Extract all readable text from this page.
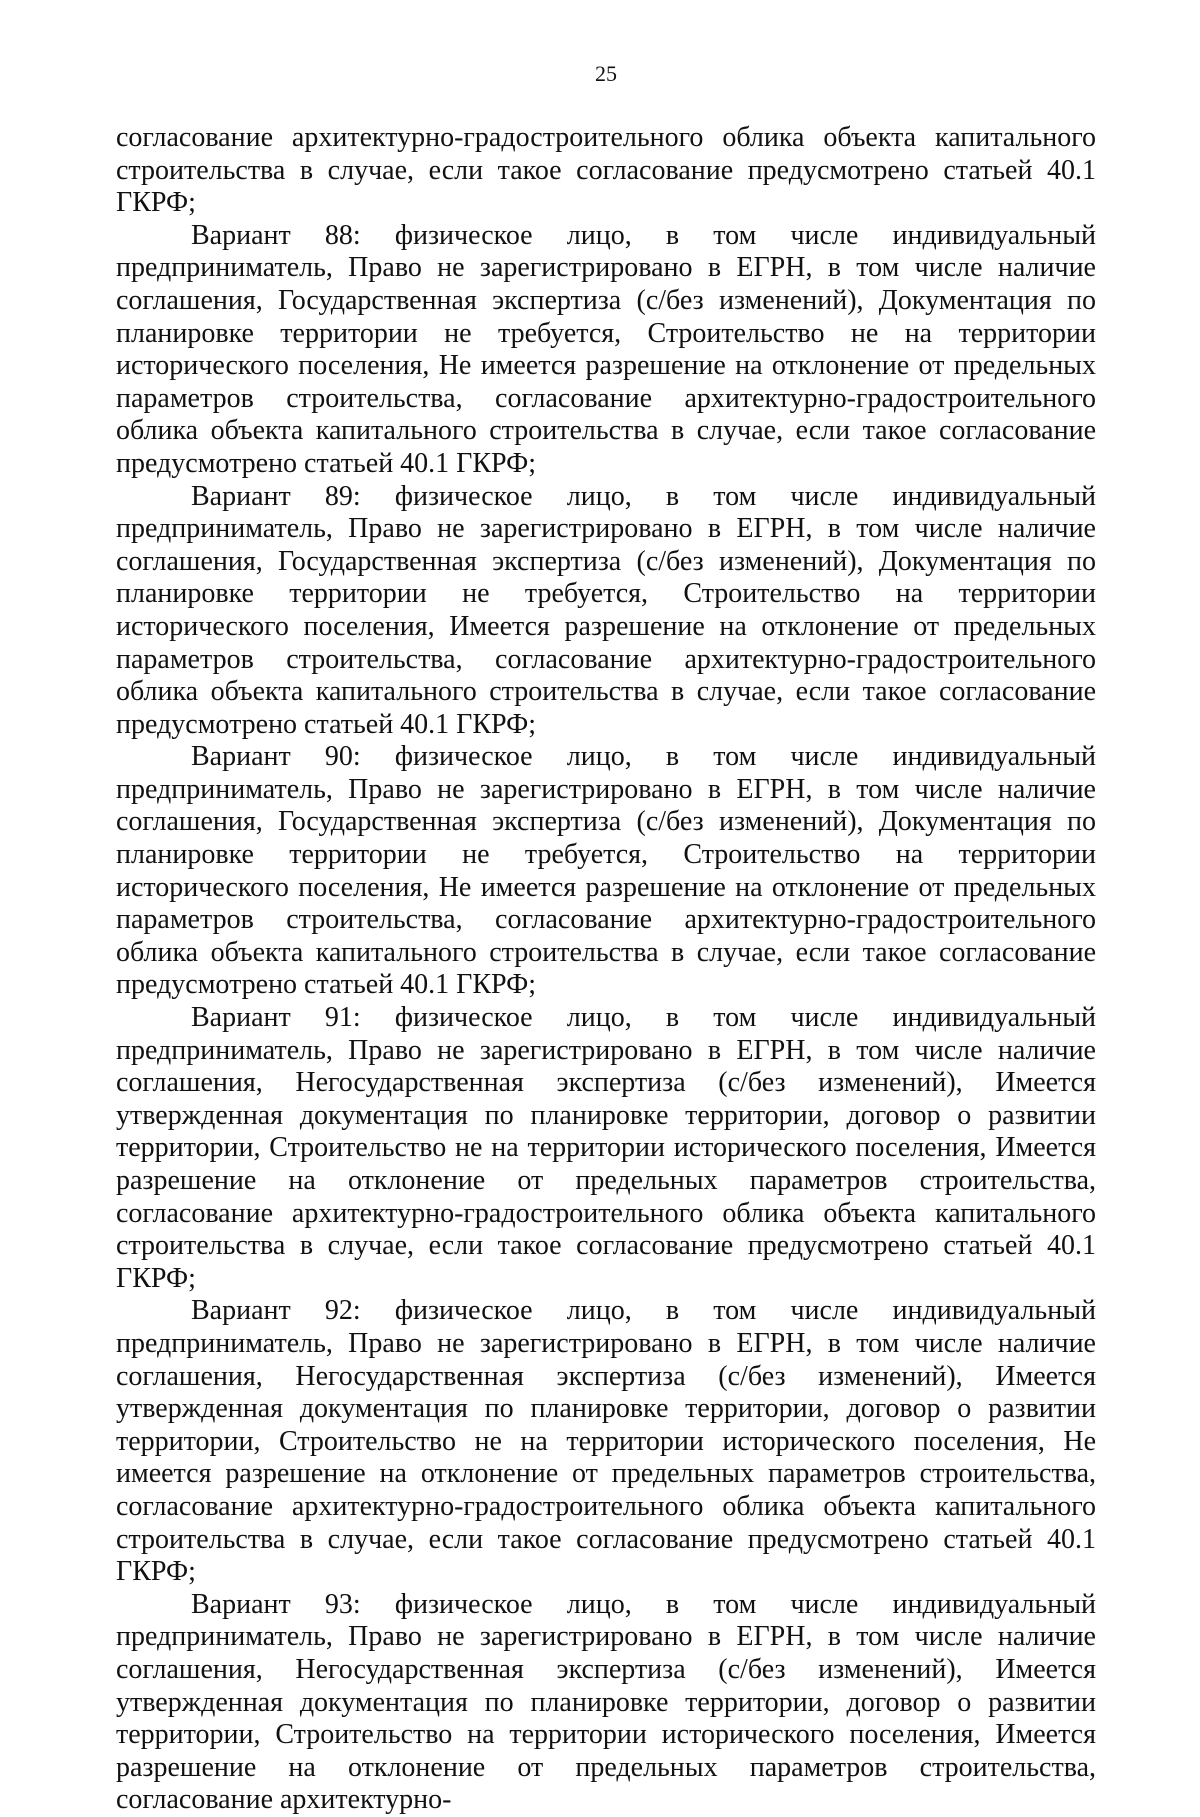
25

согласование архитектурно-градостроительного облика объекта капитального строительства в случае, если такое согласование предусмотрено статьей 40.1 ГКРФ;

Вариант 88: физическое лицо, в том числе индивидуальный предприниматель, Право не зарегистрировано в ЕГРН, в том числе наличие соглашения, Государственная экспертиза (с/без изменений), Документация по планировке территории не требуется, Строительство не на территории исторического поселения, Не имеется разрешение на отклонение от предельных параметров строительства, согласование архитектурно-градостроительного облика объекта капитального строительства в случае, если такое согласование предусмотрено статьей 40.1 ГКРФ;

Вариант 89: физическое лицо, в том числе индивидуальный предприниматель, Право не зарегистрировано в ЕГРН, в том числе наличие соглашения, Государственная экспертиза (с/без изменений), Документация по планировке территории не требуется, Строительство на территории исторического поселения, Имеется разрешение на отклонение от предельных параметров строительства, согласование архитектурно-градостроительного облика объекта капитального строительства в случае, если такое согласование предусмотрено статьей 40.1 ГКРФ;

Вариант 90: физическое лицо, в том числе индивидуальный предприниматель, Право не зарегистрировано в ЕГРН, в том числе наличие соглашения, Государственная экспертиза (с/без изменений), Документация по планировке территории не требуется, Строительство на территории исторического поселения, Не имеется разрешение на отклонение от предельных параметров строительства, согласование архитектурно-градостроительного облика объекта капитального строительства в случае, если такое согласование предусмотрено статьей 40.1 ГКРФ;

Вариант 91: физическое лицо, в том числе индивидуальный предприниматель, Право не зарегистрировано в ЕГРН, в том числе наличие соглашения, Негосударственная экспертиза (с/без изменений), Имеется утвержденная документация по планировке территории, договор о развитии территории, Строительство не на территории исторического поселения, Имеется разрешение на отклонение от предельных параметров строительства, согласование архитектурно-градостроительного облика объекта капитального строительства в случае, если такое согласование предусмотрено статьей 40.1 ГКРФ;

Вариант 92: физическое лицо, в том числе индивидуальный предприниматель, Право не зарегистрировано в ЕГРН, в том числе наличие соглашения, Негосударственная экспертиза (с/без изменений), Имеется утвержденная документация по планировке территории, договор о развитии территории, Строительство не на территории исторического поселения, Не имеется разрешение на отклонение от предельных параметров строительства, согласование архитектурно-градостроительного облика объекта капитального строительства в случае, если такое согласование предусмотрено статьей 40.1 ГКРФ;

Вариант 93: физическое лицо, в том числе индивидуальный предприниматель, Право не зарегистрировано в ЕГРН, в том числе наличие соглашения, Негосударственная экспертиза (с/без изменений), Имеется утвержденная документация по планировке территории, договор о развитии территории, Строительство на территории исторического поселения, Имеется разрешение на отклонение от предельных параметров строительства, согласование архитектурно-
